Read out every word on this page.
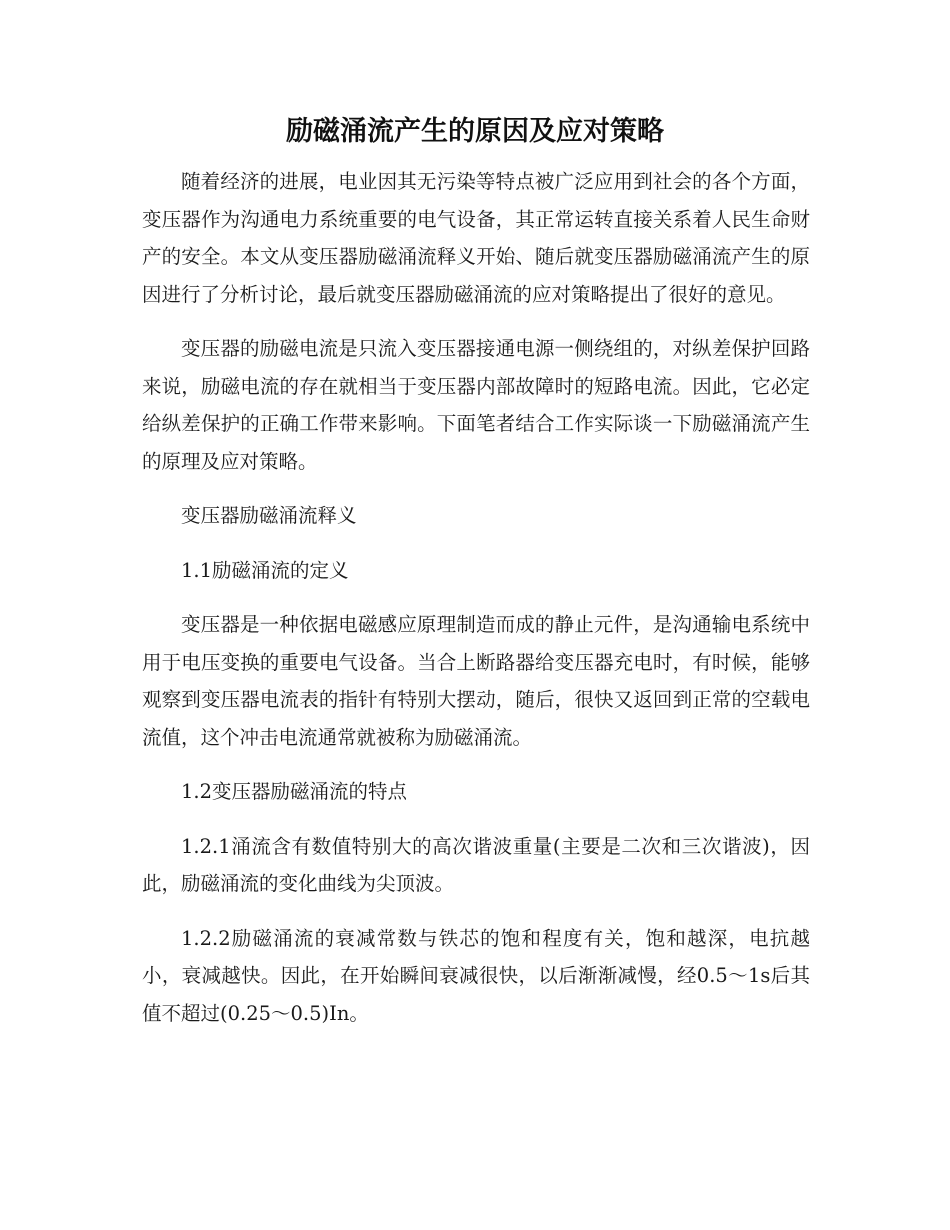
励磁涌流产生的原因及应对策略

随着经济的进展，电业因其无污染等特点被广泛应用到社会的各个方面，变压器作为沟通电力系统重要的电气设备，其正常运转直接关系着人民生命财产的安全。本文从变压器励磁涌流释义开始、随后就变压器励磁涌流产生的原因进行了分析讨论，最后就变压器励磁涌流的应对策略提出了很好的意见。

变压器的励磁电流是只流入变压器接通电源一侧绕组的，对纵差保护回路来说，励磁电流的存在就相当于变压器内部故障时的短路电流。因此，它必定给纵差保护的正确工作带来影响。下面笔者结合工作实际谈一下励磁涌流产生的原理及应对策略。

变压器励磁涌流释义

1.1励磁涌流的定义

变压器是一种依据电磁感应原理制造而成的静止元件，是沟通输电系统中用于电压变换的重要电气设备。当合上断路器给变压器充电时，有时候，能够观察到变压器电流表的指针有特别大摆动，随后，很快又返回到正常的空载电流值，这个冲击电流通常就被称为励磁涌流。

1.2变压器励磁涌流的特点

1.2.1涌流含有数值特别大的高次谐波重量(主要是二次和三次谐波)，因此，励磁涌流的变化曲线为尖顶波。

1.2.2励磁涌流的衰减常数与铁芯的饱和程度有关，饱和越深，电抗越小，衰减越快。因此，在开始瞬间衰减很快，以后渐渐减慢，经0.5～1s后其值不超过(0.25～0.5)In。
